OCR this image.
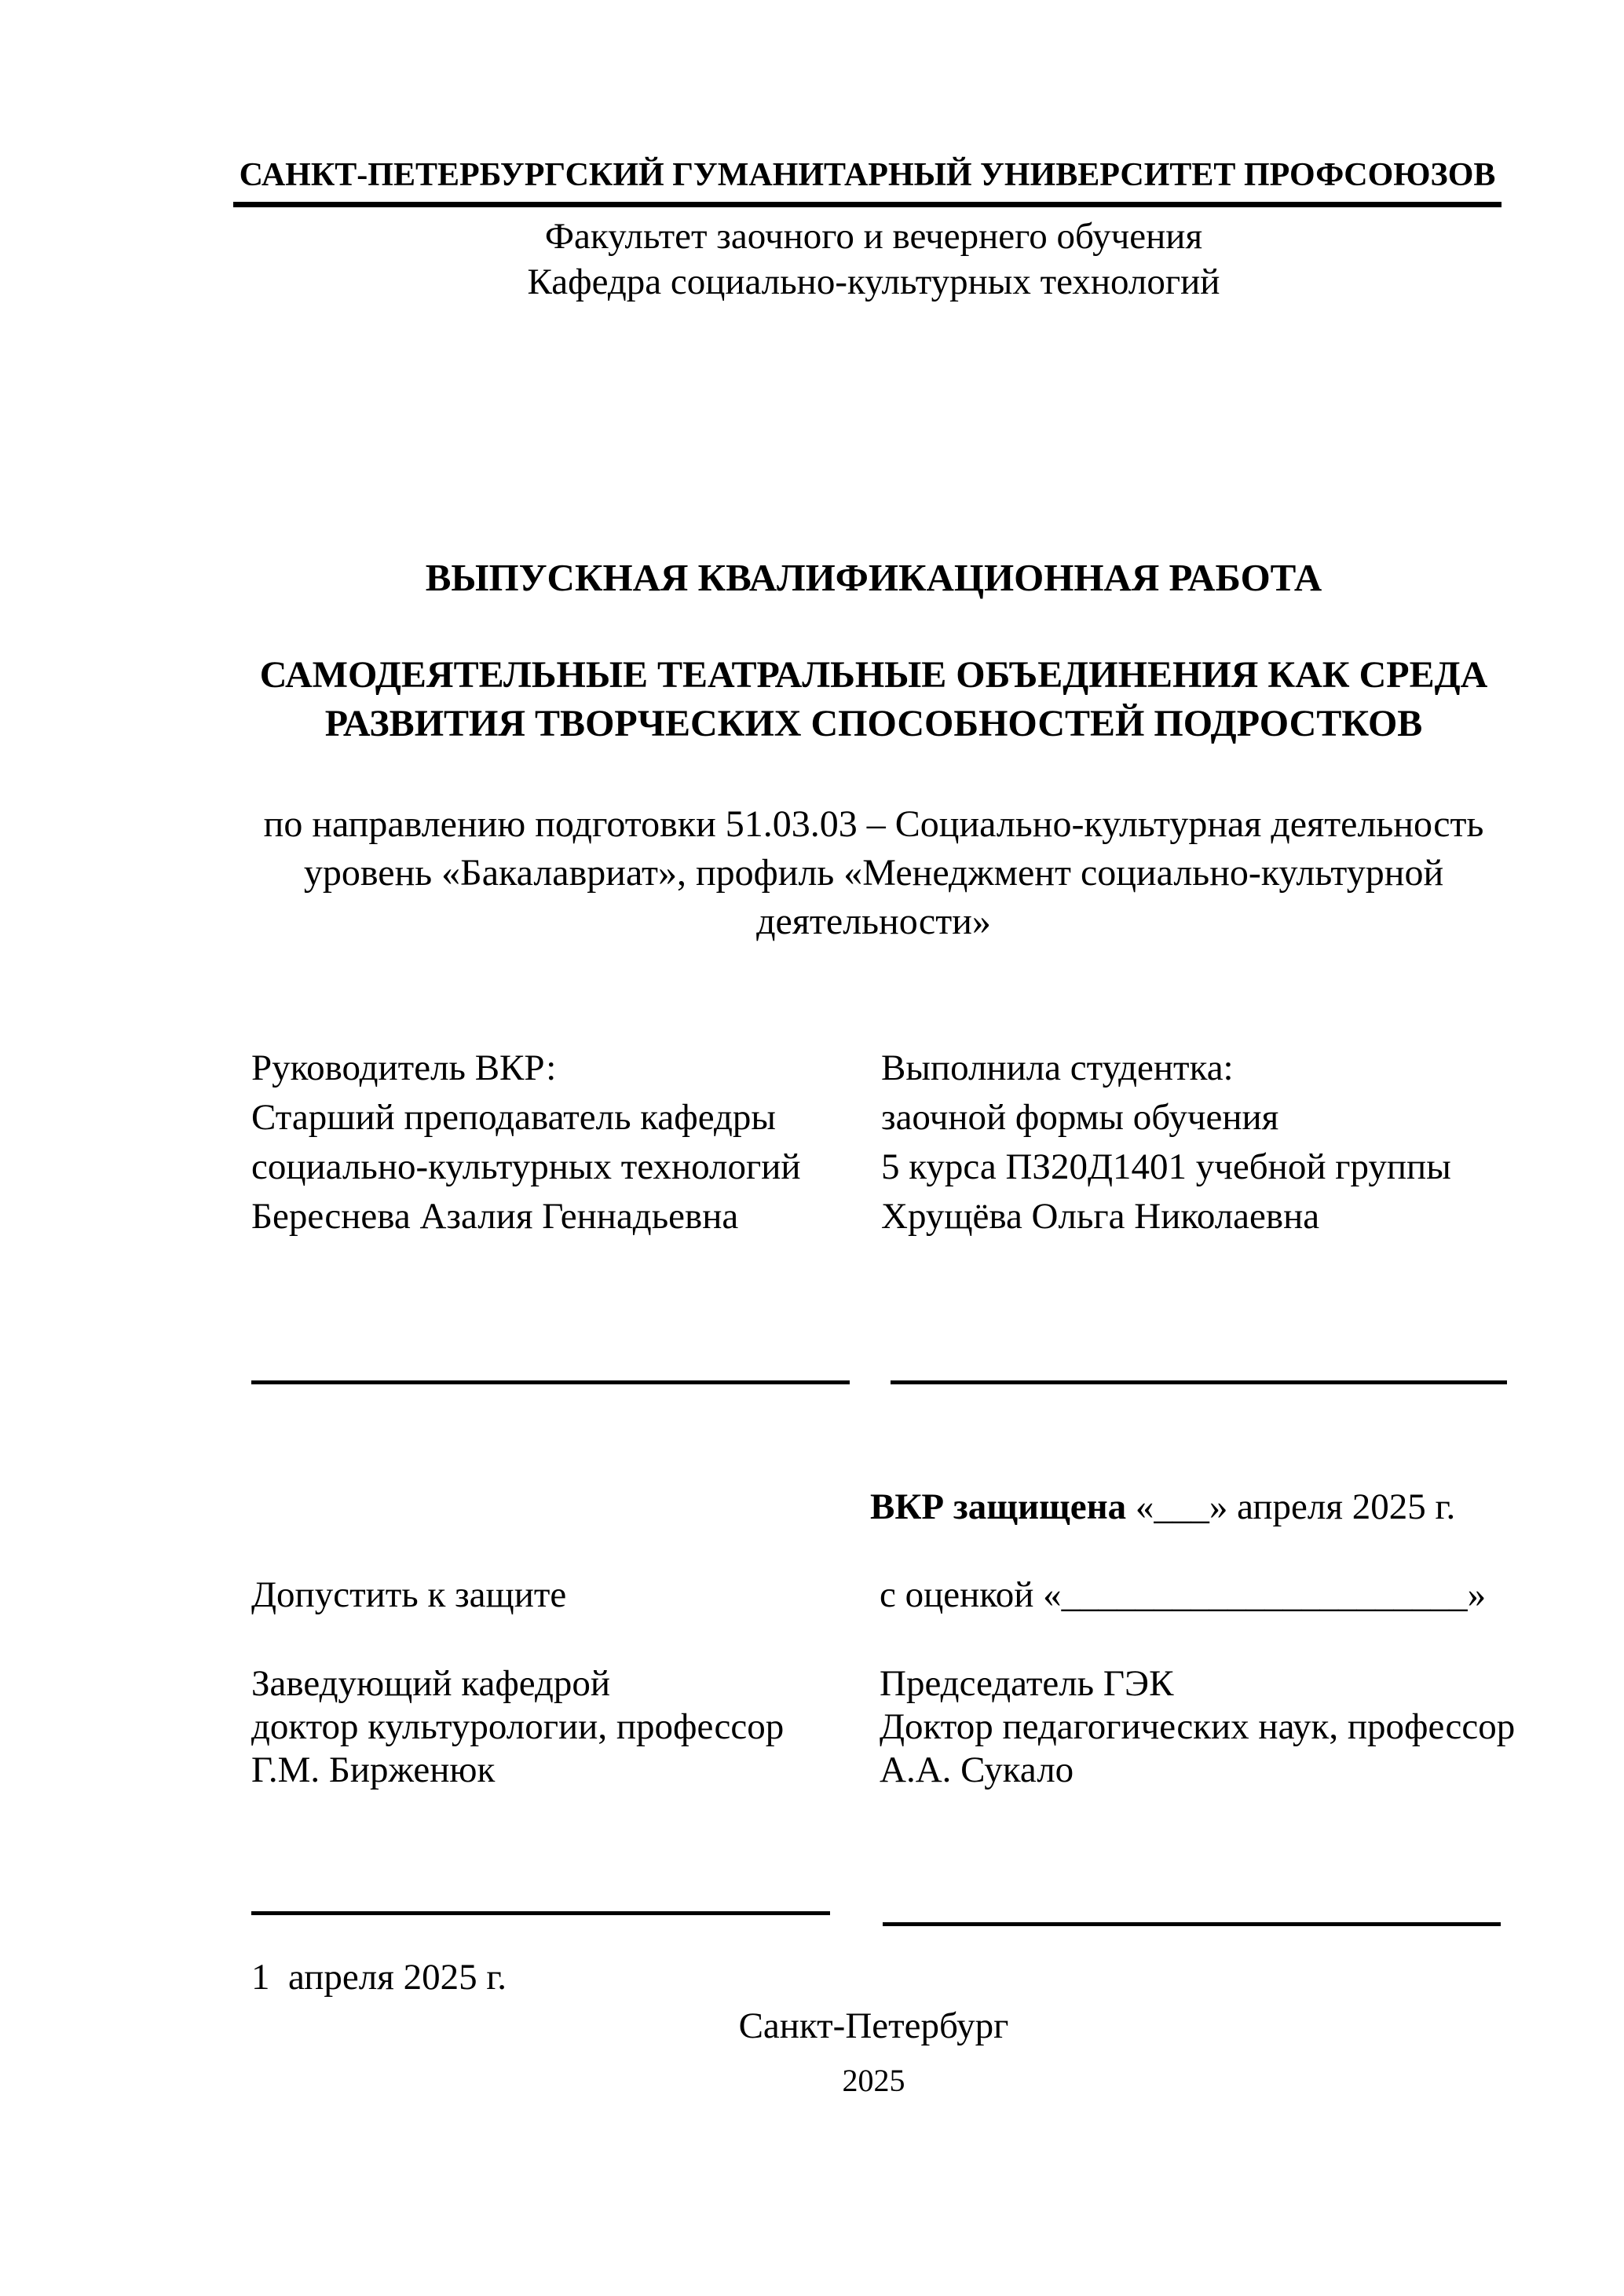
САНКТ-ПЕТЕРБУРГСКИЙ ГУМАНИТАРНЫЙ УНИВЕРСИТЕТ ПРОФСОЮЗОВ
Факультет заочного и вечернего обучения
Кафедра социально-культурных технологий
ВЫПУСКНАЯ КВАЛИФИКАЦИОННАЯ РАБОТА
САМОДЕЯТЕЛЬНЫЕ ТЕАТРАЛЬНЫЕ ОБЪЕДИНЕНИЯ КАК СРЕДА
РАЗВИТИЯ ТВОРЧЕСКИХ СПОСОБНОСТЕЙ ПОДРОСТКОВ
по направлению подготовки 51.03.03 – Социально-культурная деятельность
уровень «Бакалавриат», профиль «Менеджмент социально-культурной
деятельности»
Руководитель ВКР:
Старший преподаватель кафедры
социально-культурных технологий
Береснева Азалия Геннадьевна
Выполнила студентка:
заочной формы обучения
5 курса ПЗ20Д1401 учебной группы
Хрущёва Ольга Николаевна
ВКР защищена «___» апреля 2025 г.
Допустить к защите	с оценкой «______________________»
Заведующий кафедрой
доктор культурологии, профессор
Г.М. Бирженюк
Председатель ГЭК
Доктор педагогических наук, профессор
А.А. Сукало
1  апреля 2025 г.
Санкт-Петербург
2025
